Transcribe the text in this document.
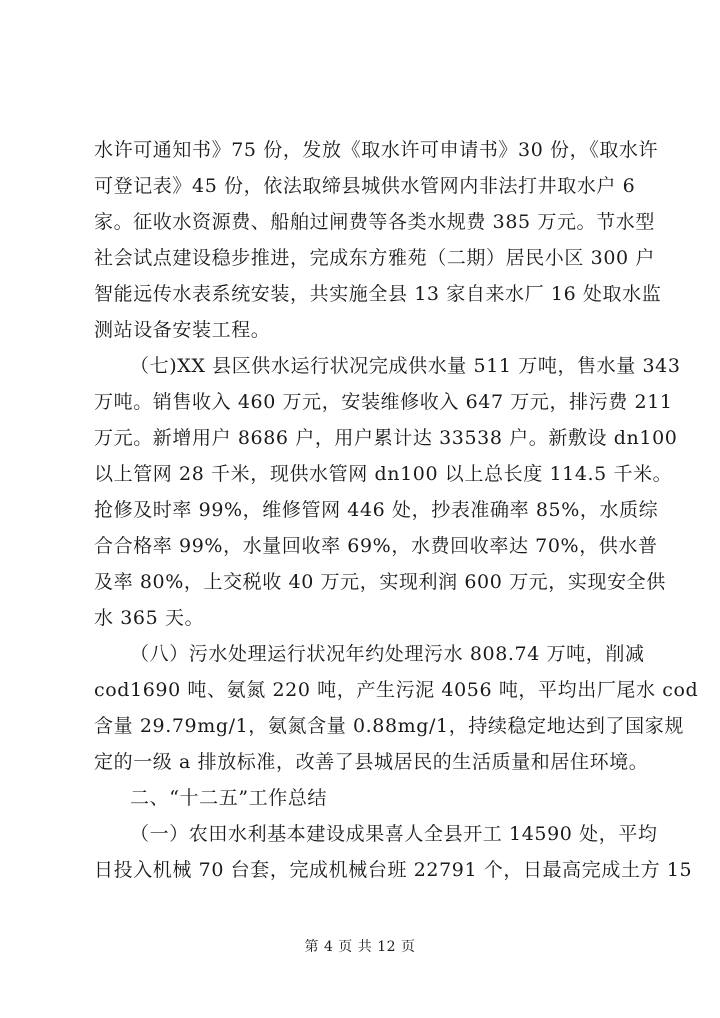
水许可通知书》75 份，发放《取水许可申请书》30 份，《取水许
可登记表》45 份，依法取缔县城供水管网内非法打井取水户 6
家。征收水资源费、船舶过闸费等各类水规费 385 万元。节水型
社会试点建设稳步推进，完成东方雅苑（二期）居民小区 300 户
智能远传水表系统安装，共实施全县 13 家自来水厂 16 处取水监
测站设备安装工程。
（七)XX 县区供水运行状况完成供水量 511 万吨，售水量 343
万吨。销售收入 460 万元，安装维修收入 647 万元，排污费 211
万元。新增用户 8686 户，用户累计达 33538 户。新敷设 dn100
以上管网 28 千米，现供水管网 dn100 以上总长度 114.5 千米。
抢修及时率 99%，维修管网 446 处，抄表准确率 85%，水质综
合合格率 99%，水量回收率 69%，水费回收率达 70%，供水普
及率 80%，上交税收 40 万元，实现利润 600 万元，实现安全供
水 365 天。
（八）污水处理运行状况年约处理污水 808.74 万吨，削减
cod1690 吨、氨氮 220 吨，产生污泥 4056 吨，平均出厂尾水 cod
含量 29.79mg/1，氨氮含量 0.88mg/1，持续稳定地达到了国家规
定的一级 a 排放标准，改善了县城居民的生活质量和居住环境。
二、“十二五”工作总结
（一）农田水利基本建设成果喜人全县开工 14590 处，平均
日投入机械 70 台套，完成机械台班 22791 个，日最高完成土方 15
第 4 页 共 12 页
